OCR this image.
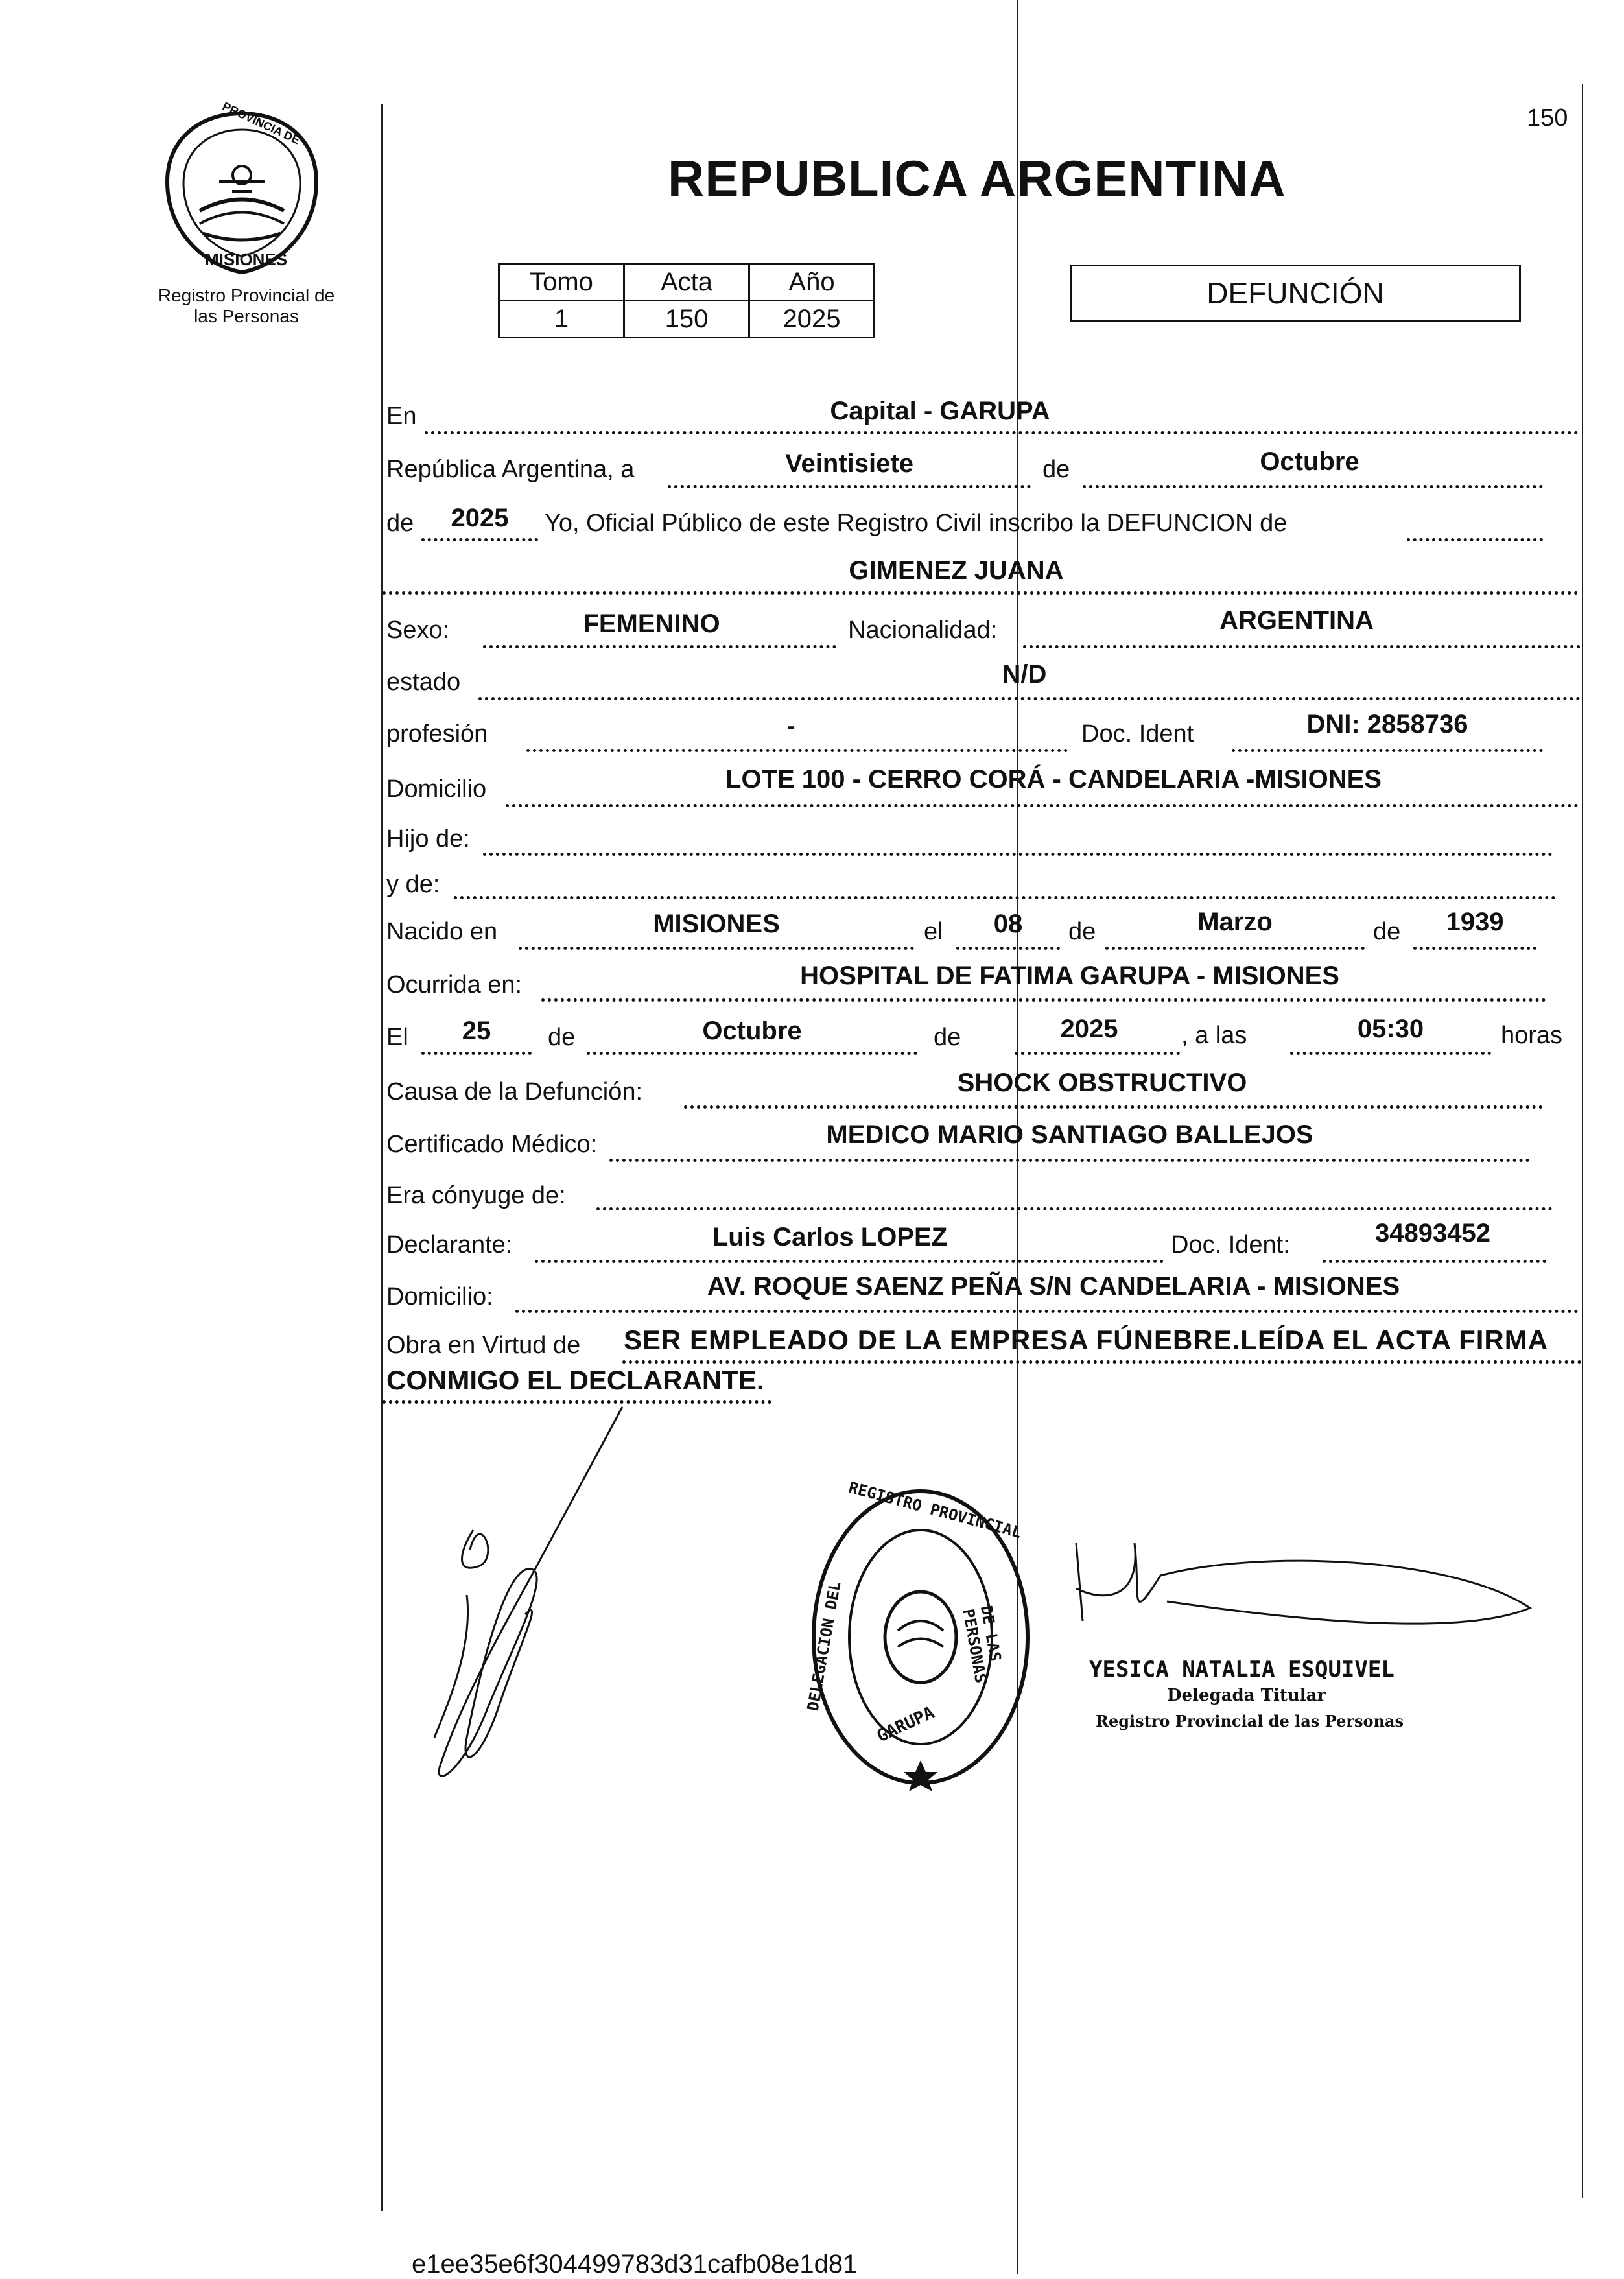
150
PROVINCIA DE
MISIONES
Registro Provincial de
las Personas
REPUBLICA ARGENTINA
Tomo	Acta	Año
1	150	2025
DEFUNCIÓN
En	Capital - GARUPA
República Argentina, a	Veintisiete	de	Octubre
de	2025	Yo, Oficial Público de este Registro Civil inscribo la DEFUNCION de
GIMENEZ JUANA
Sexo:	FEMENINO	Nacionalidad:	ARGENTINA
estado	N/D
profesión	-	Doc. Ident	DNI: 2858736
Domicilio	LOTE 100 - CERRO CORÁ - CANDELARIA -MISIONES
Hijo de:
y de:
Nacido en	MISIONES	el	08	de	Marzo	de	1939
Ocurrida en:	HOSPITAL DE FATIMA GARUPA - MISIONES
El	25	de	Octubre	de	2025	, a las	05:30	horas
Causa de la Defunción:	SHOCK OBSTRUCTIVO
Certificado Médico:	MEDICO MARIO SANTIAGO BALLEJOS
Era cónyuge de:
Declarante:	Luis Carlos LOPEZ	Doc. Ident:	34893452
Domicilio:	AV. ROQUE SAENZ PEÑA S/N CANDELARIA - MISIONES
Obra en Virtud de SER EMPLEADO DE LA EMPRESA FÚNEBRE.LEÍDA EL ACTA FIRMA
CONMIGO EL DECLARANTE.
REGISTRO PROVINCIAL
DELEGACION DEL	DE LAS PERSONAS
GARUPA
YESICA NATALIA ESQUIVEL
Delegada Titular
Registro Provincial de las Personas
e1ee35e6f304499783d31cafb08e1d81
